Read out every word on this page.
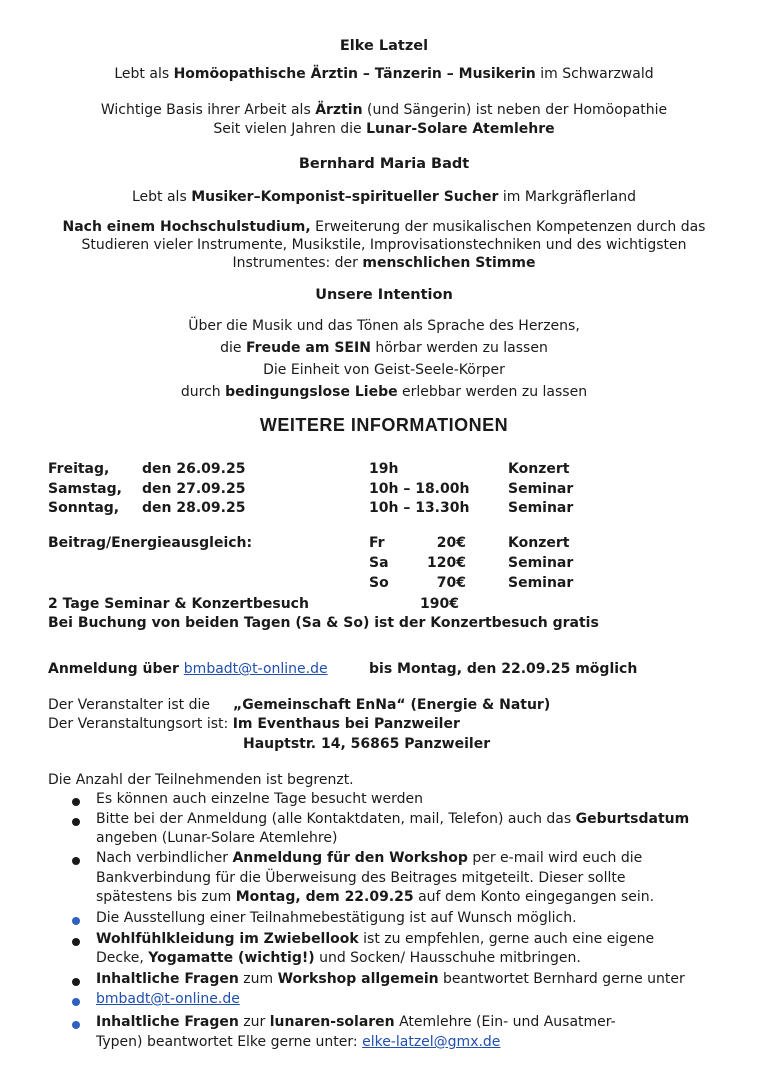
Elke Latzel
Lebt als Homöopathische Ärztin – Tänzerin – Musikerin im Schwarzwald
Wichtige Basis ihrer Arbeit als Ärztin (und Sängerin) ist neben der Homöopathie
Seit vielen Jahren die Lunar-Solare Atemlehre
Bernhard Maria Badt
Lebt als Musiker–Komponist–spiritueller Sucher im Markgräflerland
Nach einem Hochschulstudium, Erweiterung der musikalischen Kompetenzen durch das
Studieren vieler Instrumente, Musikstile, Improvisationstechniken und des wichtigsten
Instrumentes: der menschlichen Stimme
Unsere Intention
Über die Musik und das Tönen als Sprache des Herzens,
die Freude am SEIN hörbar werden zu lassen
Die Einheit von Geist-Seele-Körper
durch bedingungslose Liebe erlebbar werden zu lassen
WEITERE INFORMATIONEN
Freitag, den 26.09.25	19h	Konzert
Samstag, den 27.09.25	10h – 18.00h	Seminar
Sonntag, den 28.09.25	10h – 13.30h	Seminar
Beitrag/Energieausgleich:	Fr	20€	Konzert
Sa	120€	Seminar
So	70€	Seminar
2 Tage Seminar & Konzertbesuch	190€
Bei Buchung von beiden Tagen (Sa & So) ist der Konzertbesuch gratis
Anmeldung über bmbadt@t-online.de	bis Montag, den 22.09.25 möglich
Der Veranstalter ist die „Gemeinschaft EnNa“ (Energie & Natur)
Der Veranstaltungsort ist: Im Eventhaus bei Panzweiler
Hauptstr. 14, 56865 Panzweiler
Die Anzahl der Teilnehmenden ist begrenzt.
Es können auch einzelne Tage besucht werden
Bitte bei der Anmeldung (alle Kontaktdaten, mail, Telefon) auch das Geburtsdatum
angeben (Lunar-Solare Atemlehre)
Nach verbindlicher Anmeldung für den Workshop per e-mail wird euch die
Bankverbindung für die Überweisung des Beitrages mitgeteilt. Dieser sollte
spätestens bis zum Montag, dem 22.09.25 auf dem Konto eingegangen sein.
Die Ausstellung einer Teilnahmebestätigung ist auf Wunsch möglich.
Wohlfühlkleidung im Zwiebellook ist zu empfehlen, gerne auch eine eigene
Decke, Yogamatte (wichtig!) und Socken/ Hausschuhe mitbringen.
Inhaltliche Fragen zum Workshop allgemein beantwortet Bernhard gerne unter
bmbadt@t-online.de
Inhaltliche Fragen zur lunaren-solaren Atemlehre (Ein- und Ausatmer-
Typen) beantwortet Elke gerne unter: elke-latzel@gmx.de
